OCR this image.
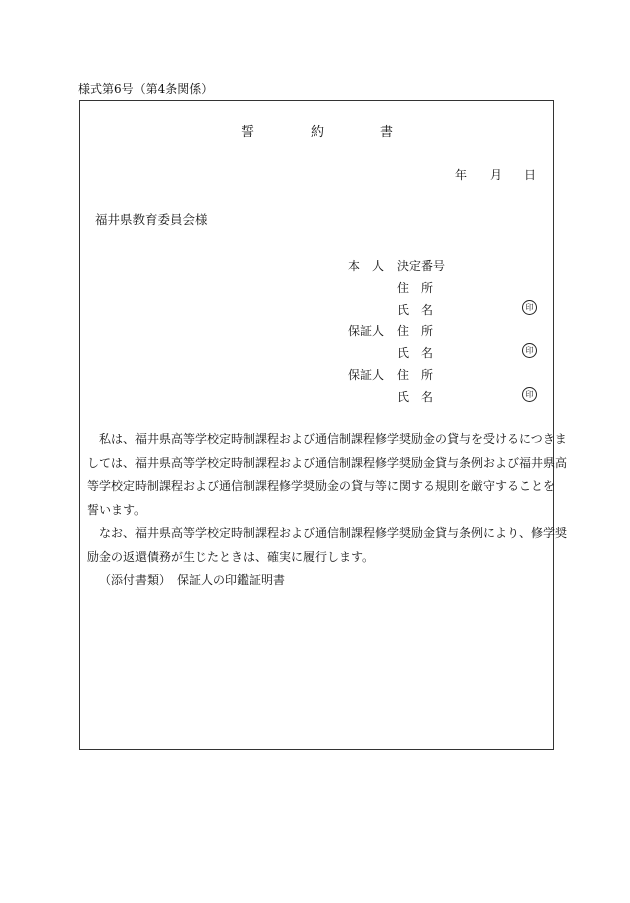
様式第6号（第4条関係）
誓	約	書
年 月 日
福井県教育委員会様
本　人 決定番号
住　所
氏　名	印
保証人 住　所
氏　名	印
保証人 住　所
氏　名	印
私は、福井県高等学校定時制課程および通信制課程修学奨励金の貸与を受けるにつきま
しては、福井県高等学校定時制課程および通信制課程修学奨励金貸与条例および福井県高
等学校定時制課程および通信制課程修学奨励金の貸与等に関する規則を厳守することを
誓います。
なお、福井県高等学校定時制課程および通信制課程修学奨励金貸与条例により、修学奨
励金の返還債務が生じたときは、確実に履行します。
（添付書類）　保証人の印鑑証明書
